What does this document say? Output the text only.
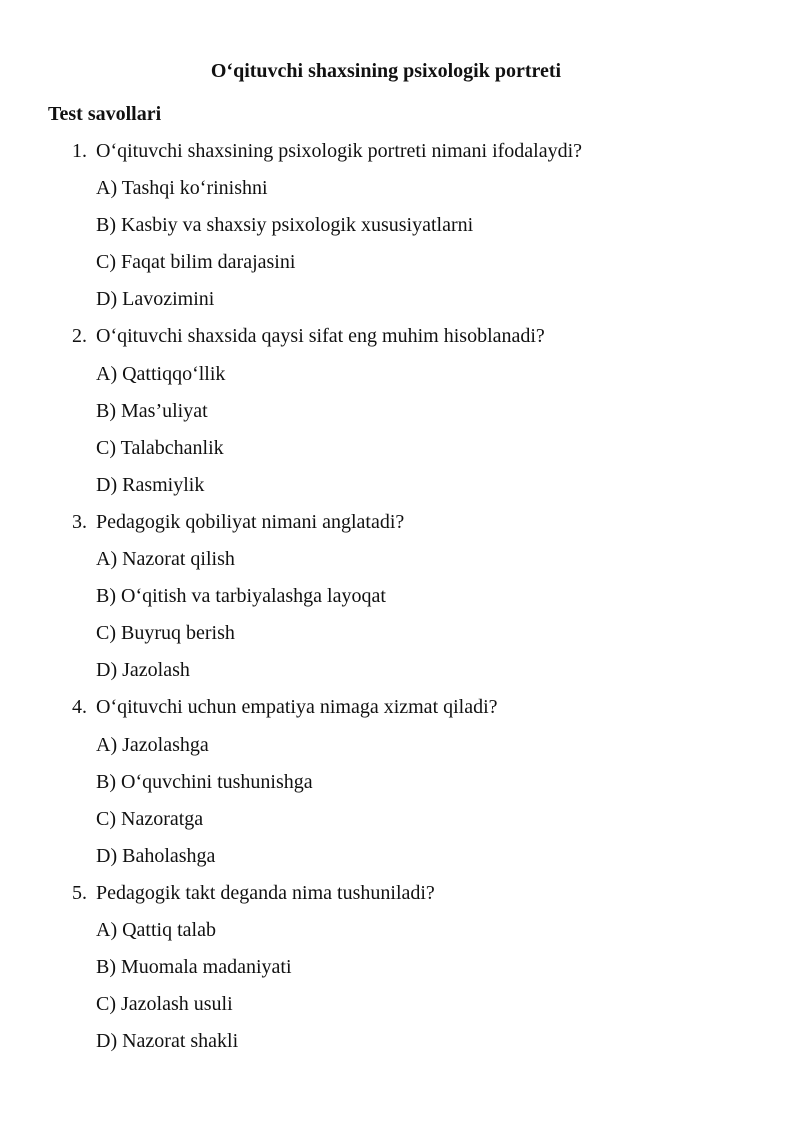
O‘qituvchi shaxsining psixologik portreti
Test savollari
1. O‘qituvchi shaxsining psixologik portreti nimani ifodalaydi?
A) Tashqi ko‘rinishni
B) Kasbiy va shaxsiy psixologik xususiyatlarni
C) Faqat bilim darajasini
D) Lavozimini
2. O‘qituvchi shaxsida qaysi sifat eng muhim hisoblanadi?
A) Qattiqqo‘llik
B) Mas’uliyat
C) Talabchanlik
D) Rasmiylik
3. Pedagogik qobiliyat nimani anglatadi?
A) Nazorat qilish
B) O‘qitish va tarbiyalashga layoqat
C) Buyruq berish
D) Jazolash
4. O‘qituvchi uchun empatiya nimaga xizmat qiladi?
A) Jazolashga
B) O‘quvchini tushunishga
C) Nazoratga
D) Baholashga
5. Pedagogik takt deganda nima tushuniladi?
A) Qattiq talab
B) Muomala madaniyati
C) Jazolash usuli
D) Nazorat shakli
